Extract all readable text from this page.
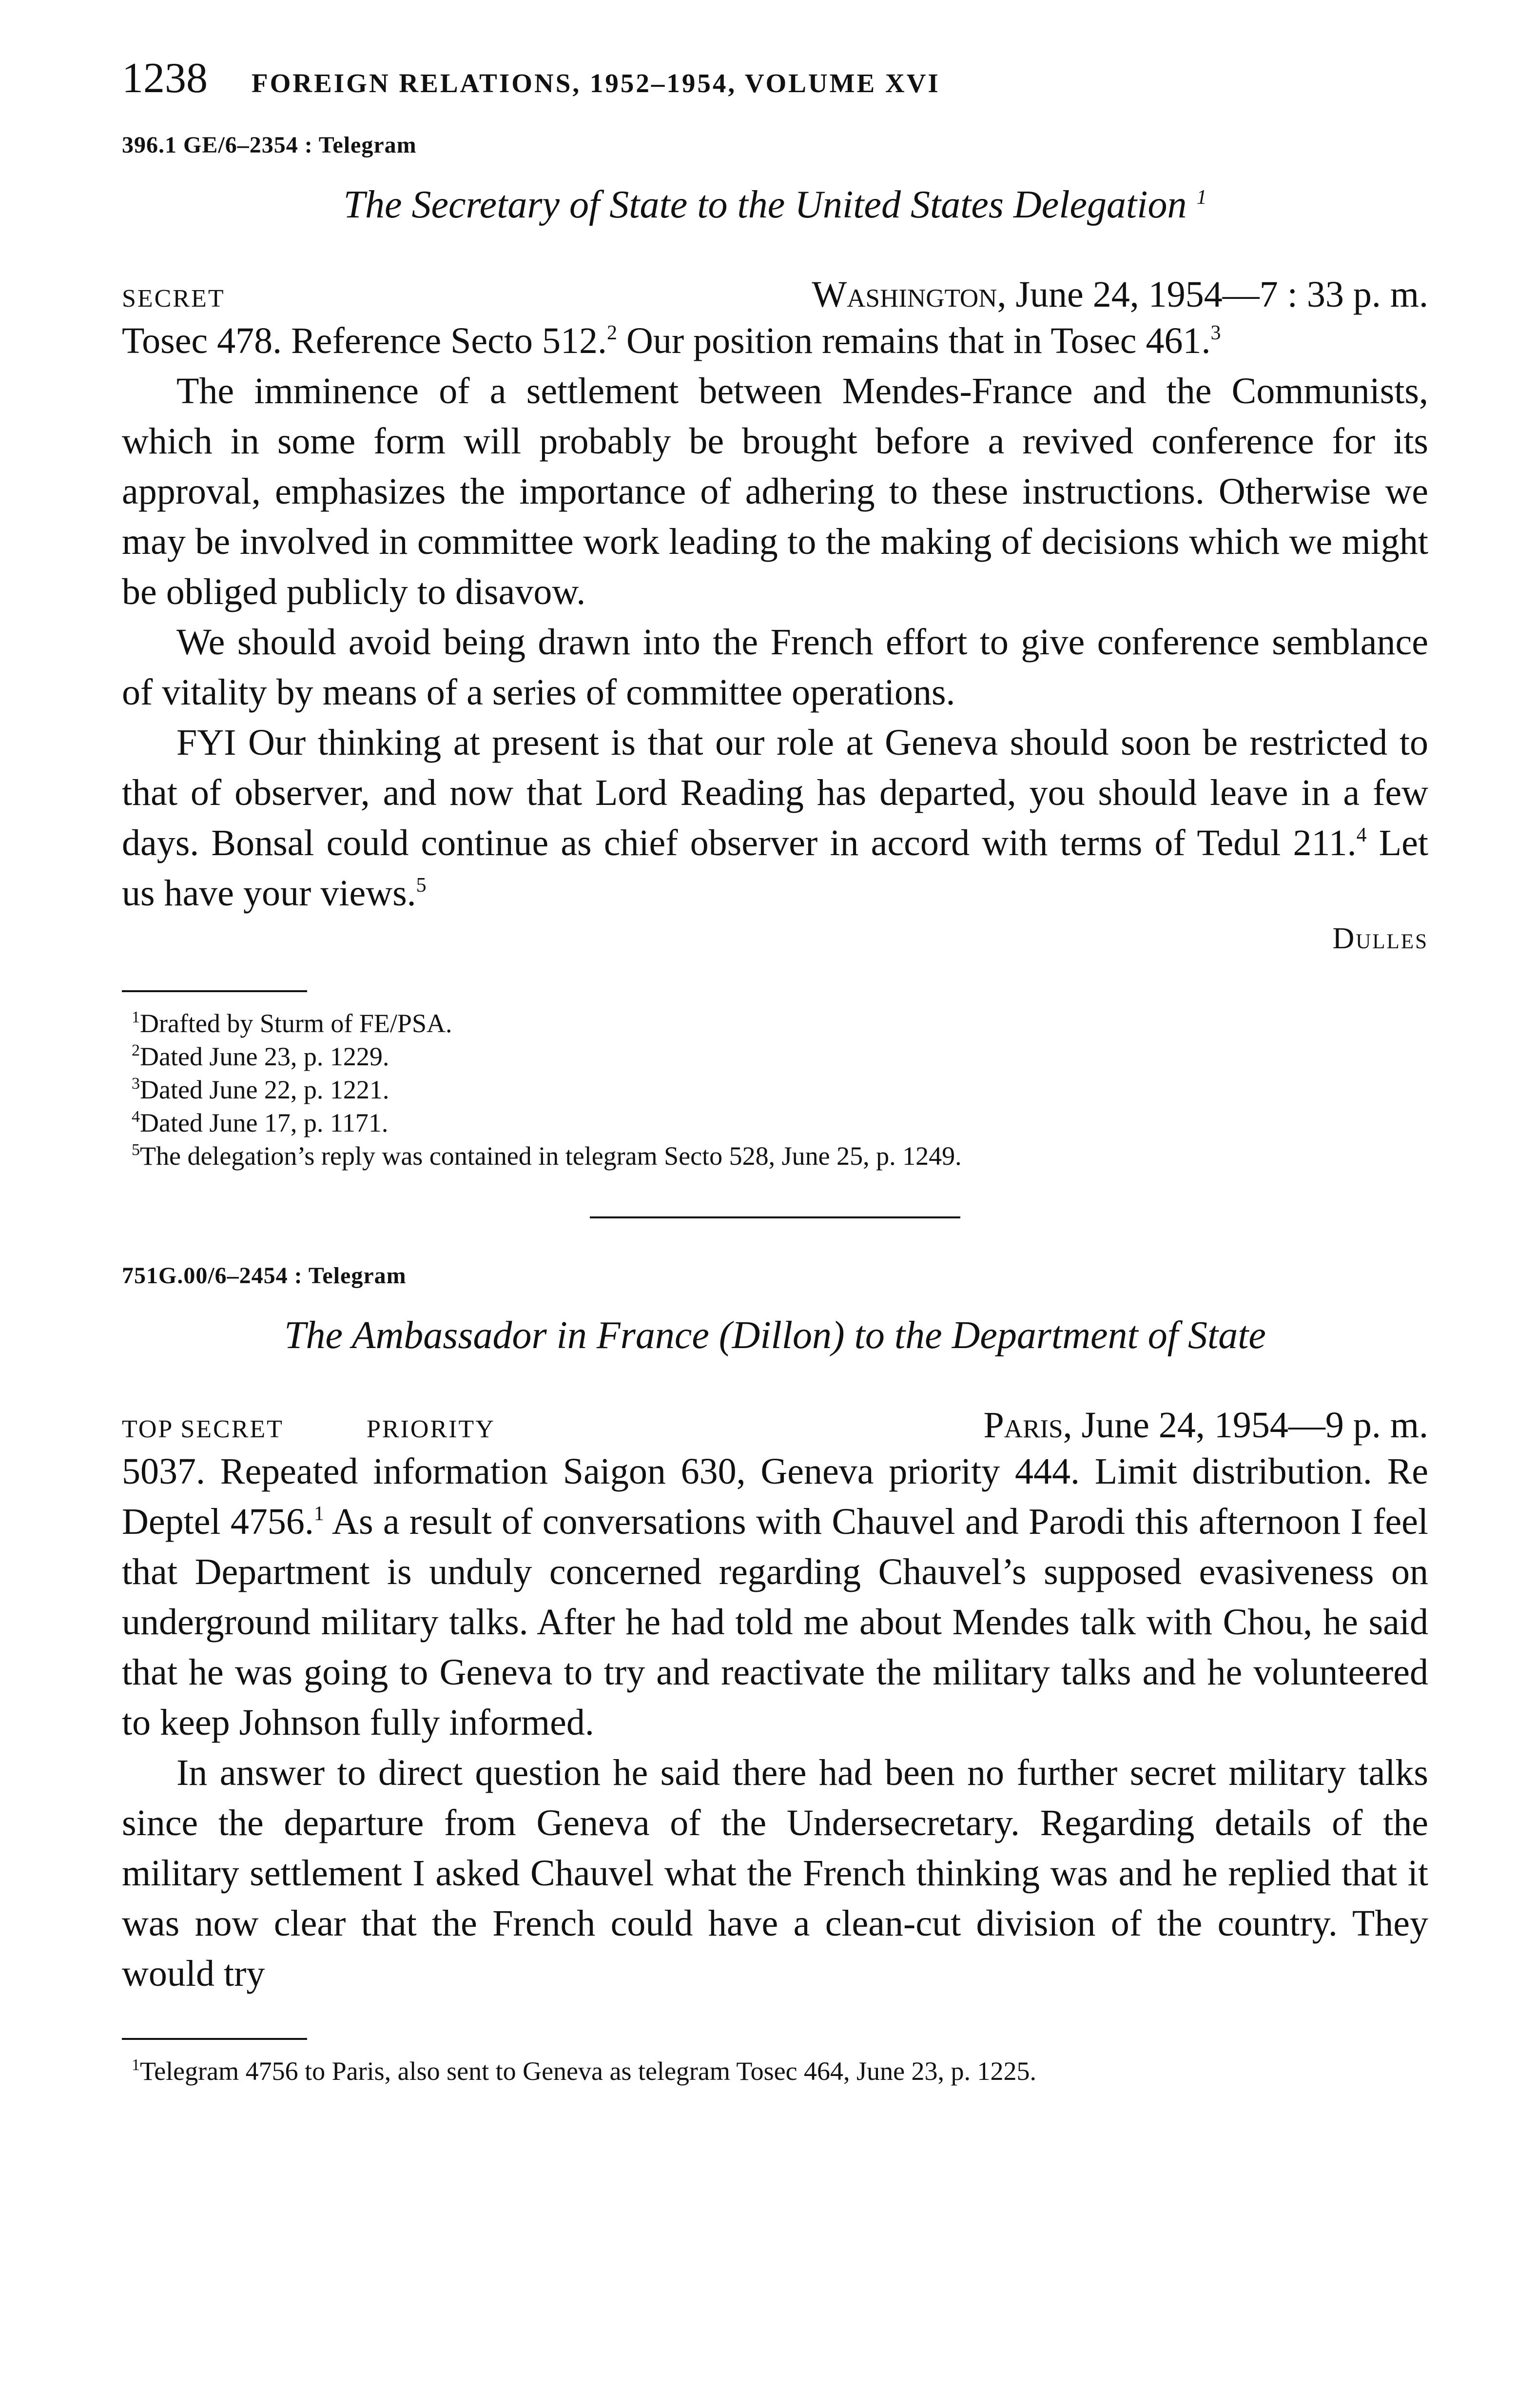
1238 FOREIGN RELATIONS, 1952–1954, VOLUME XVI
396.1 GE/6–2354 : Telegram
The Secretary of State to the United States Delegation $^1$
SECRET	Washington, June 24, 1954—7 : 33 p. m.

Tosec 478. Reference Secto 512.$^2$ Our position remains that in Tosec 461.$^3$

The imminence of a settlement between Mendes-France and the Communists, which in some form will probably be brought before a revived conference for its approval, emphasizes the importance of adhering to these instructions. Otherwise we may be involved in committee work leading to the making of decisions which we might be obliged publicly to disavow.

We should avoid being drawn into the French effort to give conference semblance of vitality by means of a series of committee operations.

FYI Our thinking at present is that our role at Geneva should soon be restricted to that of observer, and now that Lord Reading has departed, you should leave in a few days. Bonsal could continue as chief observer in accord with terms of Tedul 211.$^4$ Let us have your views.$^5$

Dulles

$^1$Drafted by Sturm of FE/PSA.

$^2$Dated June 23, p. 1229.

$^3$Dated June 22, p. 1221.

$^4$Dated June 17, p. 1171.

$^5$The delegation’s reply was contained in telegram Secto 528, June 25, p. 1249.

751G.00/6–2454 : Telegram
The Ambassador in France (Dillon) to the Department of State
TOP SECRET	PRIORITY	Paris, June 24, 1954—9 p. m.

5037. Repeated information Saigon 630, Geneva priority 444. Limit distribution. Re Deptel 4756.$^1$ As a result of conversations with Chauvel and Parodi this afternoon I feel that Department is unduly concerned regarding Chauvel’s supposed evasiveness on underground military talks. After he had told me about Mendes talk with Chou, he said that he was going to Geneva to try and reactivate the military talks and he volunteered to keep Johnson fully informed.

In answer to direct question he said there had been no further secret military talks since the departure from Geneva of the Undersecretary. Regarding details of the military settlement I asked Chauvel what the French thinking was and he replied that it was now clear that the French could have a clean-cut division of the country. They would try

$^1$Telegram 4756 to Paris, also sent to Geneva as telegram Tosec 464, June 23, p. 1225.
